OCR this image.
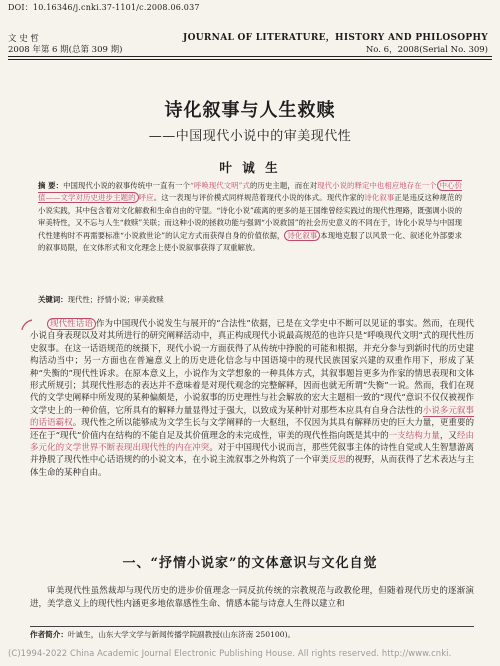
DOI：10.16346/j.cnki.37-1101/c.2008.06.037
文 史 哲
2008 年第 6 期(总第 309 期)
JOURNAL OF LITERATURE，HISTORY AND PHILOSOPHY
No. 6，2008(Serial No. 309)
诗化叙事与人生救赎
——中国现代小说中的审美现代性
叶 诚 生
摘 要：中国现代小说的叙事传统中一直有一个“呼唤现代文明”式的历史主题，而在对现代小说的释定中也相应地存在一个 中心价值——文学对历史进步主题的 呼应。这一表现与评价模式同样规范着现代小说的体式。现代作家的诗化叙事正是违反这种规范的小说实践，其中包含着对文化解救和生命自由的守望。“诗化小说”疏离的更多的是王国维曾经实践过的现代性理路，既强调小说的审美特性，又不忘与人生“救赎”关联；而这种小说的拯救功能与强调“小说救国”的社会历史意义的不同在于，诗化小说导与中国现代性建构时不再需要标准“小说救世论”的认定方式而获得自身的价值依据， 诗化叙事 本现地克服了以风景一化、叙述化外部要求的叙事局限，在文体形式和文化理念上使小说叙事获得了双重解放。
关键词：现代性；抒情小说；审美救赎
现代性话语 作为中国现代小说发生与展开的“合法性”依据，已是在文学史中不断可以见证的事实。然而，在现代小说自身表现以及对其所进行的研究阐释活动中，真正构成现代小说最高规范的也许只是“呼唤现代文明”式的现代性历史叙事。在这一话语规范的统摄下，现代小说一方面获得了从传统中挣脱的可能和根据，并充分参与到新时代的历史建构活动当中；另一方面也在普遍意义上的历史进化信念与中国语境中的现代民族国家兴建的双重作用下，形成了某种“失衡的”现代性诉求。在原本意义上，小说作为文学想象的一种具体方式，其叙事题旨更多为作家的情思表现和文体形式所规引；其现代性形态的表达并不意味着是对现代观念的完整解释，因而也就无所谓“失衡”一说。然而，我们在现代的文学史阐释中所发现的某种偏颇是，小说叙事的历史理性与社会解放的宏大主题相一致的“现代”意识不仅仅被视作文学史上的一种价值，它所具有的解释力量显得过于强大，以致成为某种针对那些本应具有自身合法性的小说多元叙事的话语霸权。现代性之所以能够成为文学生长与文学阐释的一大枢纽，不仅因为其具有解释历史的巨大力量，更重要的还在于“现代”价值内在结构的不能自足及其价值理念的未完成性，审美的现代性指向既是其中的一支结构力量，又经由多元化的文学世界不断表现出现代性的内在冲突。对于中国现代小说而言，那些凭叙事主体的诗性自觉或人生智慧游离并挣脱了现代性中心话语规约的小说文本，在小说主流叙事之外构筑了一个审美反思的视野，从而获得了艺术表达与主体生命的某种自由。
一、“抒情小说家”的文体意识与文化自觉
审美现代性虽然裁却与现代历史的进步价值理念一同反抗传统的宗教规范与政教伦理，但随着现代历史的逐渐演进，美学意义上的现代性内涵更多地依靠感性生命、情感本能与诗意人生得以建立和
作者简介：叶诚生，山东大学文学与新闻传播学院副教授(山东济南 250100)。
(C)1994-2022 China Academic Journal Electronic Publishing House. All rights reserved. http://www.cnki.
